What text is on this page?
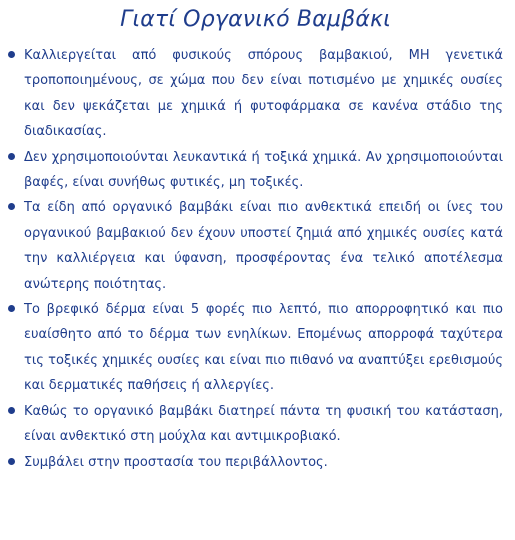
Γιατί Οργανικό Βαμβάκι
Καλλιεργείται από φυσικούς σπόρους βαμβακιού, ΜΗ γενετικά τροποποιημένους, σε χώμα που δεν είναι ποτισμένο με χημικές ουσίες και δεν ψεκάζεται με χημικά ή φυτοφάρμακα σε κανένα στάδιο της διαδικασίας.
Δεν χρησιμοποιούνται λευκαντικά ή τοξικά χημικά. Αν χρησιμοποιούνται βαφές, είναι συνήθως φυτικές, μη τοξικές.
Τα είδη από οργανικό βαμβάκι είναι πιο ανθεκτικά επειδή οι ίνες του οργανικού βαμβακιού δεν έχουν υποστεί ζημιά από χημικές ουσίες κατά την καλλιέργεια και ύφανση, προσφέροντας ένα τελικό αποτέλεσμα ανώτερης ποιότητας.
Το βρεφικό δέρμα είναι 5 φορές πιο λεπτό, πιο απορροφητικό και πιο ευαίσθητο από το δέρμα των ενηλίκων. Επομένως απορροφά ταχύτερα τις τοξικές χημικές ουσίες και είναι πιο πιθανό να αναπτύξει ερεθισμούς και δερματικές παθήσεις ή αλλεργίες.
Καθώς το οργανικό βαμβάκι διατηρεί πάντα τη φυσική του κατάσταση, είναι ανθεκτικό στη μούχλα και αντιμικροβιακό.
Συμβάλει στην προστασία του περιβάλλοντος.
